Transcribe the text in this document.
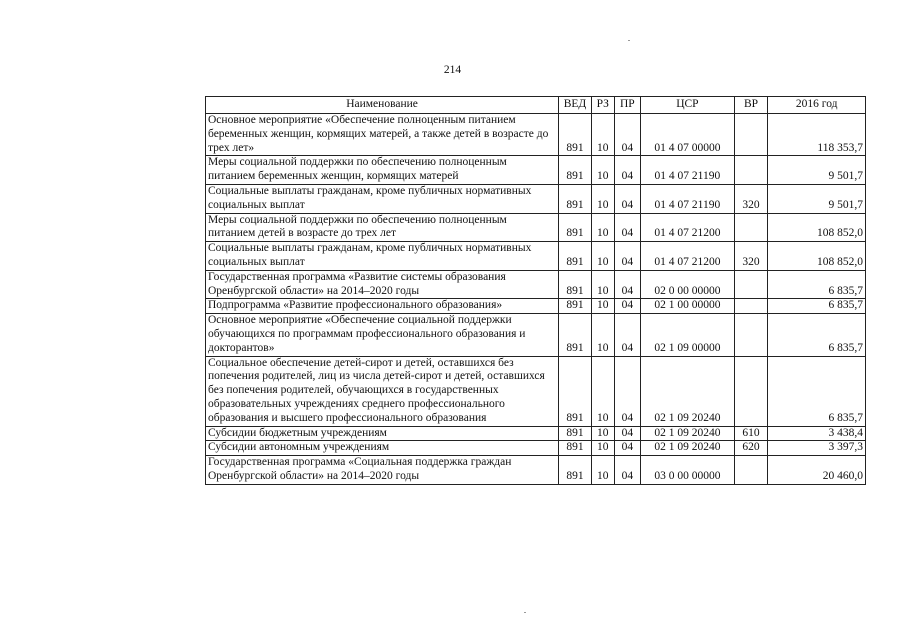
214
Наименование	ВЕД	РЗ	ПР	ЦСР	ВР	2016 год
Основное мероприятие «Обеспечение полноценным питанием беременных женщин, кормящих матерей, а также детей в возрасте до трех лет»	891	10	04	01 4 07 00000		118 353,7
Меры социальной поддержки по обеспечению полноценным питанием беременных женщин, кормящих матерей	891	10	04	01 4 07 21190		9 501,7
Социальные выплаты гражданам, кроме публичных нормативных социальных выплат	891	10	04	01 4 07 21190	320	9 501,7
Меры социальной поддержки по обеспечению полноценным питанием детей в возрасте до трех лет	891	10	04	01 4 07 21200		108 852,0
Социальные выплаты гражданам, кроме публичных нормативных социальных выплат	891	10	04	01 4 07 21200	320	108 852,0
Государственная программа «Развитие системы образования Оренбургской области» на 2014–2020 годы	891	10	04	02 0 00 00000		6 835,7
Подпрограмма «Развитие профессионального образования»	891	10	04	02 1 00 00000		6 835,7
Основное мероприятие «Обеспечение социальной поддержки обучающихся по программам профессионального образования и докторантов»	891	10	04	02 1 09 00000		6 835,7
Социальное обеспечение детей-сирот и детей, оставшихся без попечения родителей, лиц из числа детей-сирот и детей, оставшихся без попечения родителей, обучающихся в государственных образовательных учреждениях среднего профессионального образования и высшего профессионального образования	891	10	04	02 1 09 20240		6 835,7
Субсидии бюджетным учреждениям	891	10	04	02 1 09 20240	610	3 438,4
Субсидии автономным учреждениям	891	10	04	02 1 09 20240	620	3 397,3
Государственная программа «Социальная поддержка граждан Оренбургской области» на 2014–2020 годы	891	10	04	03 0 00 00000		20 460,0
